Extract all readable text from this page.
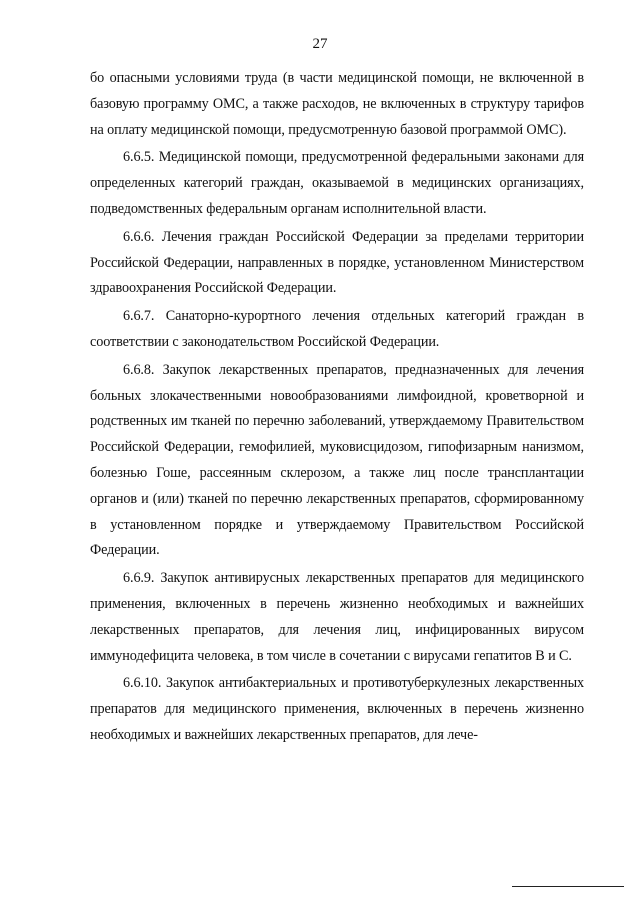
27

бо опасными условиями труда (в части медицинской помощи, не включенной в базовую программу ОМС, а также расходов, не включенных в структуру тарифов на оплату медицинской помощи, предусмотренную базовой программой ОМС).

6.6.5. Медицинской помощи, предусмотренной федеральными законами для определенных категорий граждан, оказываемой в медицинских организациях, подведомственных федеральным органам исполнительной власти.

6.6.6. Лечения граждан Российской Федерации за пределами территории Российской Федерации, направленных в порядке, установленном Министерством здравоохранения Российской Федерации.

6.6.7. Санаторно-курортного лечения отдельных категорий граждан в соответствии с законодательством Российской Федерации.

6.6.8. Закупок лекарственных препаратов, предназначенных для лечения больных злокачественными новообразованиями лимфоидной, кроветворной и родственных им тканей по перечню заболеваний, утверждаемому Правительством Российской Федерации, гемофилией, муковисцидозом, гипофизарным нанизмом, болезнью Гоше, рассеянным склерозом, а также лиц после трансплантации органов и (или) тканей по перечню лекарственных препаратов, сформированному в установленном порядке и утверждаемому Правительством Российской Федерации.

6.6.9. Закупок антивирусных лекарственных препаратов для медицинского применения, включенных в перечень жизненно необходимых и важнейших лекарственных препаратов, для лечения лиц, инфицированных вирусом иммунодефицита человека, в том числе в сочетании с вирусами гепатитов В и С.

6.6.10. Закупок антибактериальных и противотуберкулезных лекарственных препаратов для медицинского применения, включенных в перечень жизненно необходимых и важнейших лекарственных препаратов, для лече-
